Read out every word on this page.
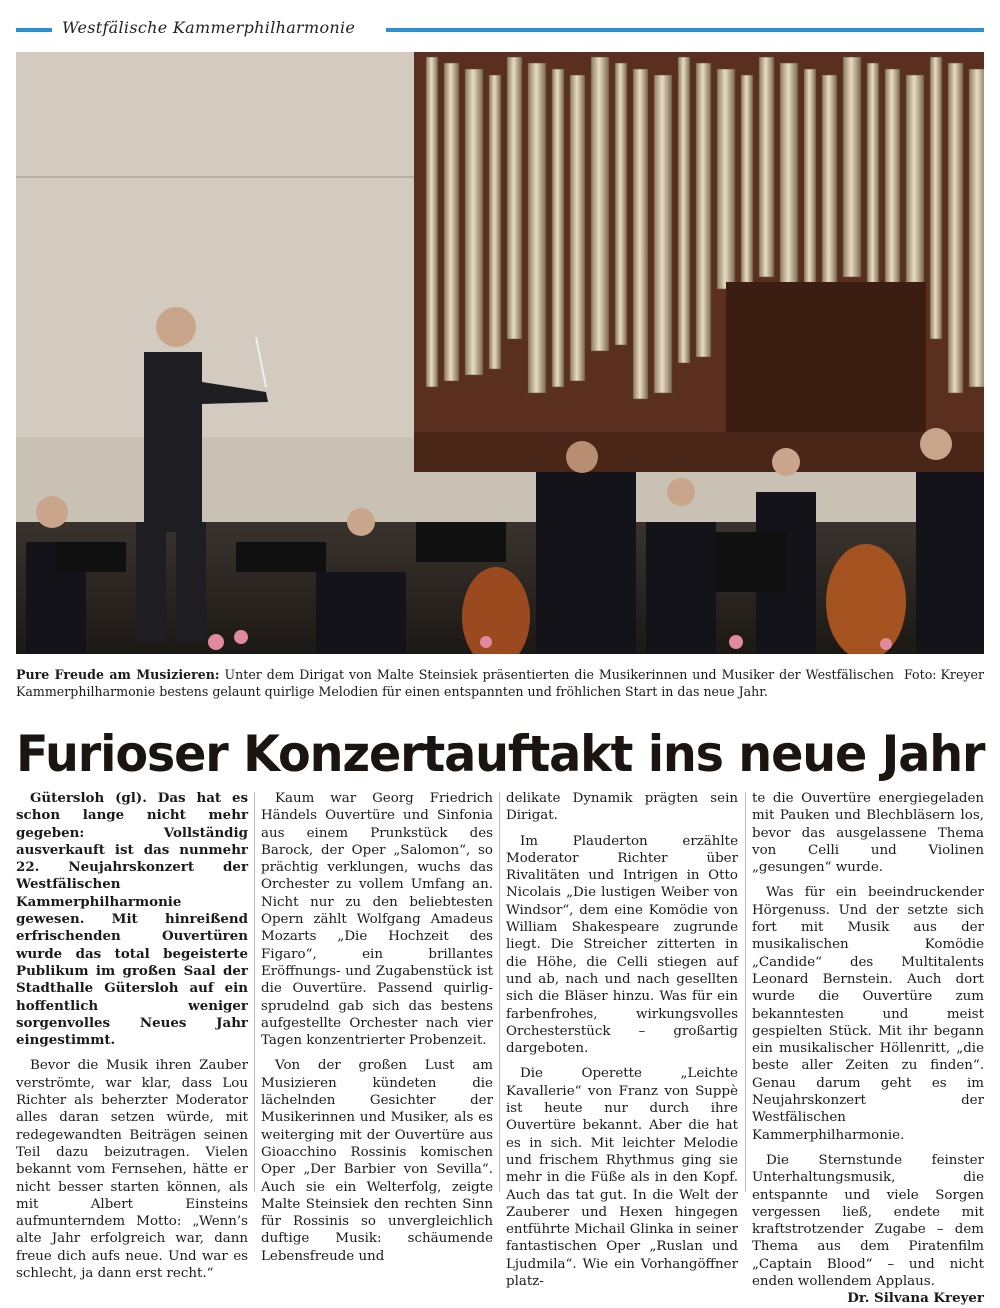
Westfälische Kammerphilharmonie
Foto: Kreyer
Pure Freude am Musizieren: Unter dem Dirigat von Malte Steinsiek präsentierten die Musikerinnen und Musiker der Westfälischen Kammerphilharmonie bestens gelaunt quirlige Melodien für einen entspannten und fröhlichen Start in das neue Jahr.
Furioser Konzertauftakt ins neue Jahr

Gütersloh (gl). Das hat es schon lange nicht mehr gegeben: Vollständig ausverkauft ist das nunmehr 22. Neujahrskonzert der Westfälischen Kammerphilharmonie gewesen. Mit hinreißend erfrischenden Ouvertüren wurde das total begeisterte Publikum im großen Saal der Stadthalle Gütersloh auf ein hoffentlich weniger sorgenvolles Neues Jahr eingestimmt.

Bevor die Musik ihren Zauber verströmte, war klar, dass Lou Richter als beherzter Moderator alles daran setzen würde, mit redegewandten Beiträgen seinen Teil dazu beizutragen. Vielen bekannt vom Fernsehen, hätte er nicht besser starten können, als mit Albert Einsteins aufmunterndem Motto: „Wenn’s alte Jahr erfolgreich war, dann freue dich aufs neue. Und war es schlecht, ja dann erst recht.“

Kaum war Georg Friedrich Händels Ouvertüre und Sinfonia aus einem Prunkstück des Barock, der Oper „Salomon“, so prächtig verklungen, wuchs das Orchester zu vollem Umfang an. Nicht nur zu den beliebtesten Opern zählt Wolfgang Amadeus Mozarts „Die Hochzeit des Figaro“, ein brillantes Eröffnungs- und Zugabenstück ist die Ouvertüre. Passend quirlig-sprudelnd gab sich das bestens aufgestellte Orchester nach vier Tagen konzentrierter Probenzeit.

Von der großen Lust am Musizieren kündeten die lächelnden Gesichter der Musikerinnen und Musiker, als es weiterging mit der Ouvertüre aus Gioacchino Rossinis komischen Oper „Der Barbier von Sevilla“. Auch sie ein Welterfolg, zeigte Malte Steinsiek den rechten Sinn für Rossinis so unvergleichlich duftige Musik: schäumende Lebensfreude und

delikate Dynamik prägten sein Dirigat.

Im Plauderton erzählte Moderator Richter über Rivalitäten und Intrigen in Otto Nicolais „Die lustigen Weiber von Windsor“, dem eine Komödie von William Shakespeare zugrunde liegt. Die Streicher zitterten in die Höhe, die Celli stiegen auf und ab, nach und nach gesellten sich die Bläser hinzu. Was für ein farbenfrohes, wirkungsvolles Orchesterstück – großartig dargeboten.

Die Operette „Leichte Kavallerie“ von Franz von Suppè ist heute nur durch ihre Ouvertüre bekannt. Aber die hat es in sich. Mit leichter Melodie und frischem Rhythmus ging sie mehr in die Füße als in den Kopf. Auch das tat gut. In die Welt der Zauberer und Hexen hingegen entführte Michail Glinka in seiner fantastischen Oper „Ruslan und Ljudmila“. Wie ein Vorhangöffner platz-

te die Ouvertüre energiegeladen mit Pauken und Blechbläsern los, bevor das ausgelassene Thema von Celli und Violinen „gesungen“ wurde.

Was für ein beeindruckender Hörgenuss. Und der setzte sich fort mit Musik aus der musikalischen Komödie „Candide“ des Multitalents Leonard Bernstein. Auch dort wurde die Ouvertüre zum bekanntesten und meist gespielten Stück. Mit ihr begann ein musikalischer Höllenritt, „die beste aller Zeiten zu finden“. Genau darum geht es im Neujahrskonzert der Westfälischen Kammerphilharmonie.

Die Sternstunde feinster Unterhaltungsmusik, die entspannte und viele Sorgen vergessen ließ, endete mit kraftstrotzender Zugabe – dem Thema aus dem Piratenfilm „Captain Blood“ – und nicht enden wollendem Applaus.

Dr. Silvana Kreyer
